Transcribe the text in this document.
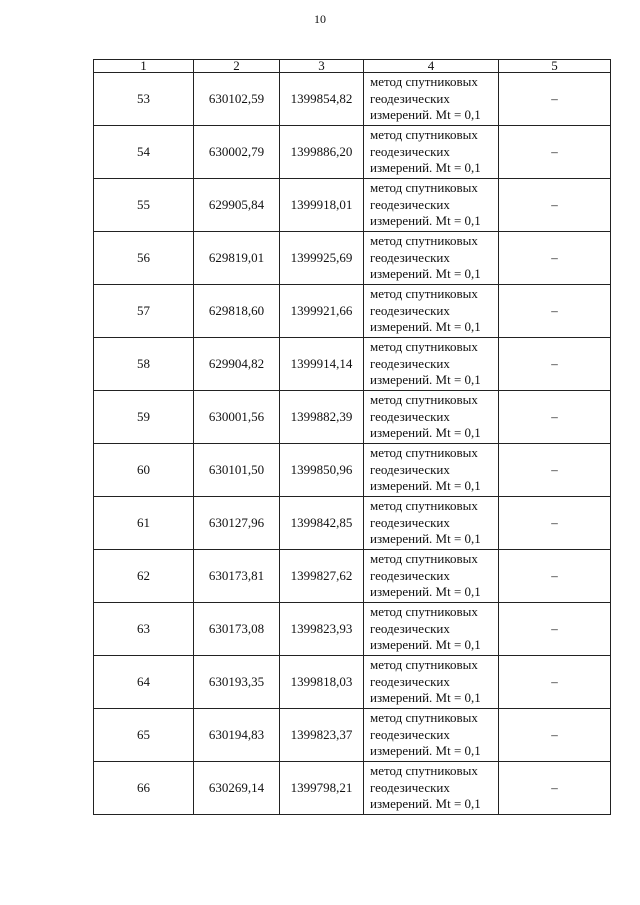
10
1	2	3	4	5
53	630102,59	1399854,82	метод спутниковых
геодезических
измерений. Mt = 0,1	–
54	630002,79	1399886,20	метод спутниковых
геодезических
измерений. Mt = 0,1	–
55	629905,84	1399918,01	метод спутниковых
геодезических
измерений. Mt = 0,1	–
56	629819,01	1399925,69	метод спутниковых
геодезических
измерений. Mt = 0,1	–
57	629818,60	1399921,66	метод спутниковых
геодезических
измерений. Mt = 0,1	–
58	629904,82	1399914,14	метод спутниковых
геодезических
измерений. Mt = 0,1	–
59	630001,56	1399882,39	метод спутниковых
геодезических
измерений. Mt = 0,1	–
60	630101,50	1399850,96	метод спутниковых
геодезических
измерений. Mt = 0,1	–
61	630127,96	1399842,85	метод спутниковых
геодезических
измерений. Mt = 0,1	–
62	630173,81	1399827,62	метод спутниковых
геодезических
измерений. Mt = 0,1	–
63	630173,08	1399823,93	метод спутниковых
геодезических
измерений. Mt = 0,1	–
64	630193,35	1399818,03	метод спутниковых
геодезических
измерений. Mt = 0,1	–
65	630194,83	1399823,37	метод спутниковых
геодезических
измерений. Mt = 0,1	–
66	630269,14	1399798,21	метод спутниковых
геодезических
измерений. Mt = 0,1	–
